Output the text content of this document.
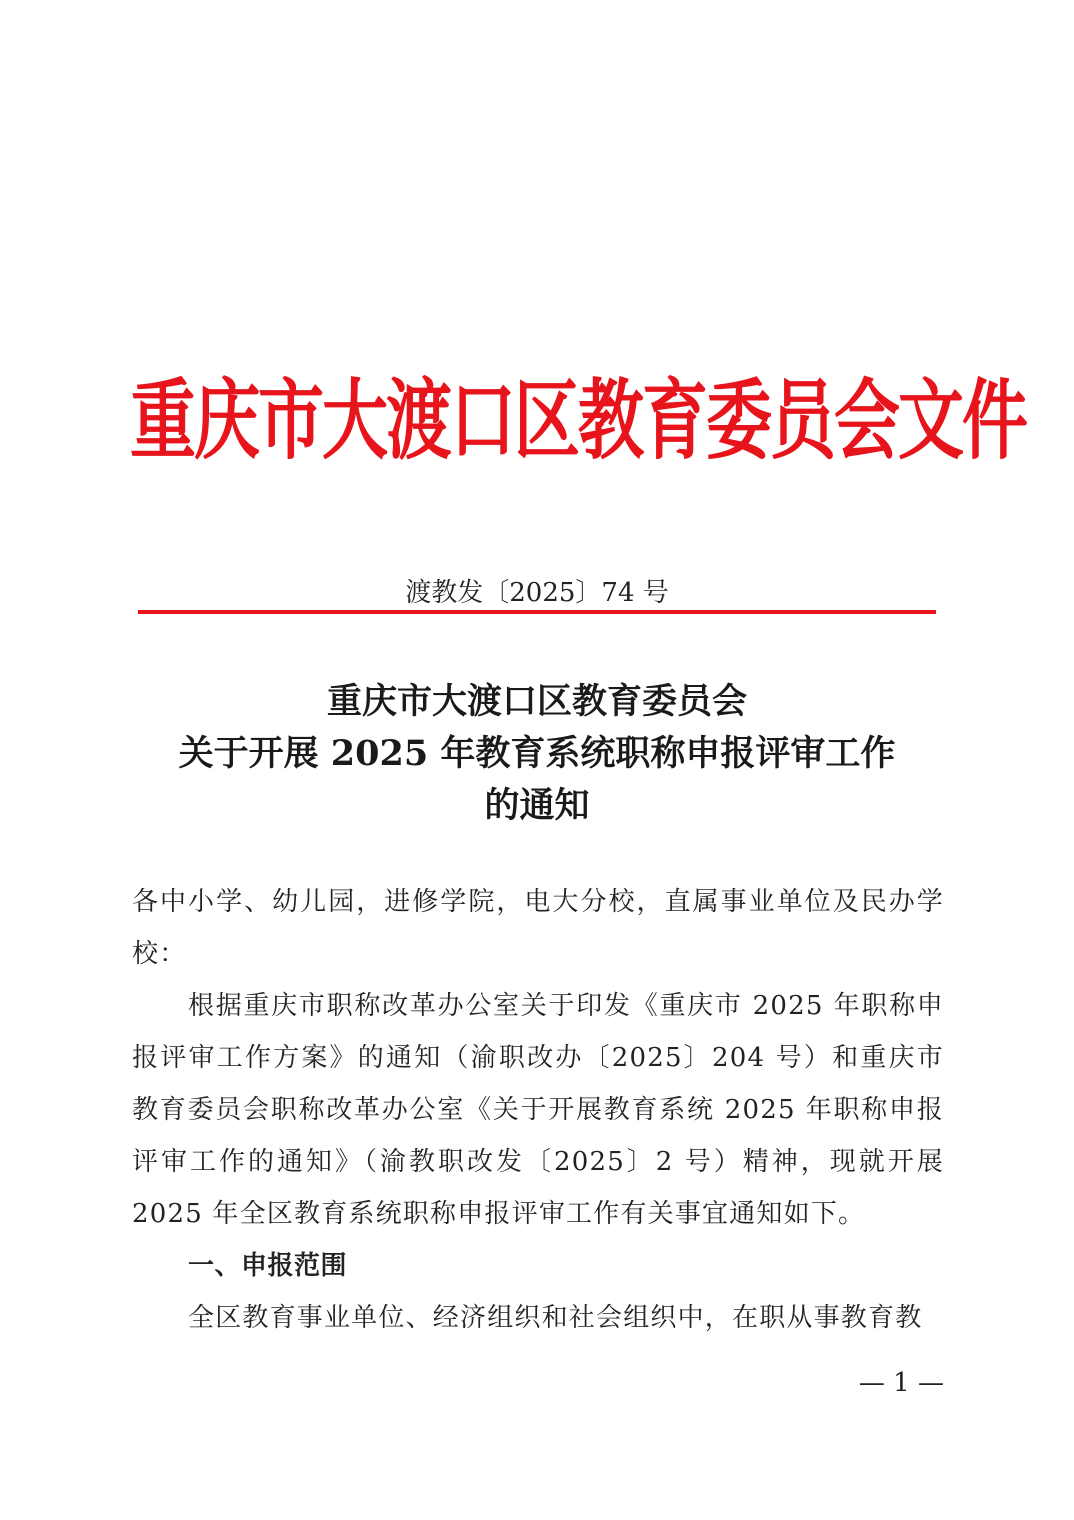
重庆市大渡口区教育委员会文件
渡教发〔2025〕74 号
重庆市大渡口区教育委员会
关于开展 2025 年教育系统职称申报评审工作
的通知

各中小学、幼儿园，进修学院，电大分校，直属事业单位及民办学校：

根据重庆市职称改革办公室关于印发《重庆市 2025 年职称申报评审工作方案》的通知（渝职改办〔2025〕204 号）和重庆市教育委员会职称改革办公室《关于开展教育系统 2025 年职称申报评审工作的通知》（渝教职改发〔2025〕2 号）精神，现就开展 2025 年全区教育系统职称申报评审工作有关事宜通知如下。

一、申报范围

全区教育事业单位、经济组织和社会组织中，在职从事教育教

— 1 —
